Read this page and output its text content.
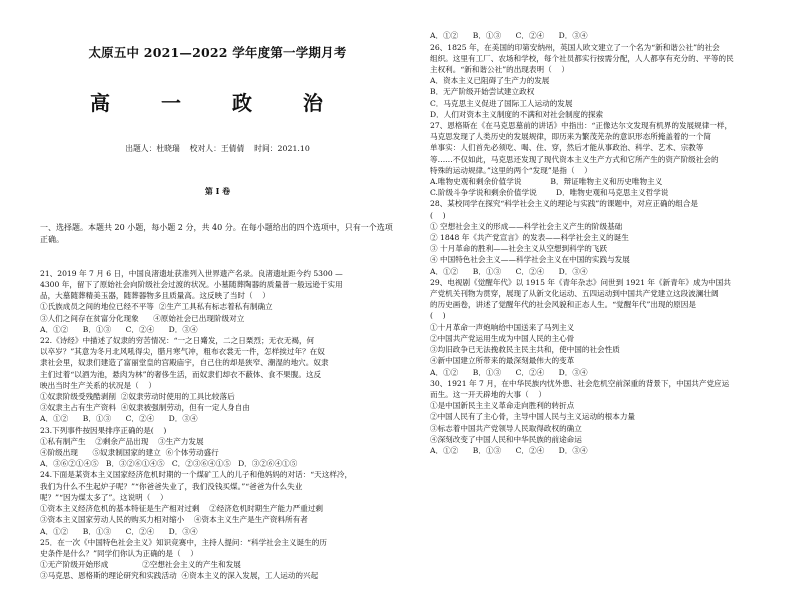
太原五中 2021—2022 学年度第一学期月考

高 一 政 治

出题人：杜晓瑞    校对人：王倩倩    时间：2021.10

第 I 卷

一、选择题。本题共 20 小题，每小题 2 分，共 40 分。在每小题给出的四个选项中，只有一个选项正确。

21、2019 年 7 月 6 日，中国良渚遗址获准列入世界遗产名录。良渚遗址距今约 5300 —
4300 年，留下了原始社会向阶级社会过渡的状况。小墓随葬陶器的质量普一般远逊于实用
品，大墓随葬精美玉器，随葬器物多且质量高。这反映了当时（    ）
①氏族成员之间的地位已经不平等  ②生产工具私有标志着私有制确立
③人们之间存在贫富分化现象      ④原始社会已出现阶级对立
A．①②      B．①③      C．②④      D．③④
22.《诗经》中描述了奴隶的穷苦情况：“一之日觱发，二之日栗烈；无衣无褐，何
以卒岁？”其意为冬月北风吼得尖，腊月寒气冲，粗布衣裳无一件，怎样挨过年？在奴
隶社会里，奴隶们建造了富丽堂皇的宫殿庙宇，自己住的却是狭窄、潮湿的地穴。奴隶
主们过着“以酒为池，悬肉为林”的奢侈生活，而奴隶们却衣不蔽体、食不果腹。这反
映出当时生产关系的状况是（    ）
①奴隶阶级受残酷剥削  ②奴隶劳动时使用的工具比较落后
③奴隶主占有生产资料  ④奴隶被强制劳动，但有一定人身自由
A．①②      B．①③      C．②④      D．③④
23.下列事件按因果排序正确的是(    )
①私有制产生    ②剩余产品出现    ③生产力发展
④阶级出现      ⑤奴隶制国家的建立  ⑥个体劳动盛行
A．③⑥②①④⑤   B．③②⑥①④⑤   C．②③⑥④①⑤   D．③②⑥④①⑤
24.下面是某资本主义国家经济危机时期的一个煤矿工人的儿子和他妈妈的对话：“天这样冷，
我们为什么不生起炉子呢？”“你爸爸失业了，我们没钱买煤。”“爸爸为什么失业
呢？”“因为煤太多了”。这说明（    ）
①资本主义经济危机的基本特征是生产相对过剩    ②经济危机时期生产能力严重过剩
③资本主义国家劳动人民的购买力相对缩小    ④资本主义生产是生产资料所有者
A．①②      B．①③      C．②④      D．③④
25．在一次《中国特色社会主义》知识竞赛中，主持人提问：“科学社会主义诞生的历
史条件是什么？”同学们你认为正确的是（    ）
①无产阶级开始形成              ②空想社会主义的产生和发展
③马克思、恩格斯的理论研究和实践活动  ④资本主义的深入发展，工人运动的兴起

A．①②      B．①③      C．②④      D．③④
26、1825 年，在美国的印第安纳州，英国人欧文建立了一个名为“新和谐公社”的社会
组织。这里有工厂、农场和学校，每个社员都实行按需分配，人人都享有充分的、平等的民
主权利。“新和谐公社”的出现表明（    ）
A．资本主义已阻碍了生产力的发展
B．无产阶级开始尝试建立政权
C．马克思主义促进了国际工人运动的发展
D．人们对资本主义制度的不满和对社会制度的探索
27、恩格斯在《在马克思墓前的讲话》中指出：“正像达尔文发现有机界的发展规律一样，
马克思发现了人类历史的发展规律，即历来为繁茂芜杂的意识形态所掩盖着的一个简
单事实：人们首先必须吃、喝、住、穿，然后才能从事政治、科学、艺术、宗教等
等……不仅如此，马克思还发现了现代资本主义生产方式和它所产生的资产阶级社会的
特殊的运动规律。”这里的两个“发现”是指（    ）
A.唯物史观和剩余价值学说            B．辩证唯物主义和历史唯物主义
C.阶级斗争学说和剩余价值学说        D．唯物史观和马克思主义哲学说
28、某校同学在探究“科学社会主义的理论与实践”的课题中，对应正确的组合是
(    )
① 空想社会主义的形成——科学社会主义产生的阶级基础
② 1848 年《共产党宣言》的发表——科学社会主义的诞生
③ 十月革命的胜利——社会主义从空想到科学的飞跃
④ 中国特色社会主义——科学社会主义在中国的实践与发展
A．①②      B．①③      C．②④      D．③④
29、电视剧《觉醒年代》以 1915 年《青年杂志》问世到 1921 年《新青年》成为中国共
产党机关刊物为贯穿，展现了从新文化运动、五四运动到中国共产党建立这段波澜壮阔
的历史画卷，讲述了觉醒年代的社会风貌和正态人生。“觉醒年代”出现的原因是
(    )
①十月革命一声炮响给中国送来了马列主义
②中国共产党运用生成为中国人民的主心骨
③均旧政争已无法挽救民主民主共和，使中国的社会性质
④新中国建立所带来的最深刻最伟大的变革
A．①②      B．①③      C．②④      D．③④
30、1921 年 7 月，在中华民族内忧外患、社会危机空前深重的背景下，中国共产党应运
而生。这一开天辟地的大事（    ）
①是中国新民主主义革命走向胜利的转折点
②中国人民有了主心骨，主导中国人民与主义运动的根本力量
③标志着中国共产党领导人民取得政权的确立
④深刻改变了中国人民和中华民族的前途命运
A．①②      B．①③      C．②④      D．③④
